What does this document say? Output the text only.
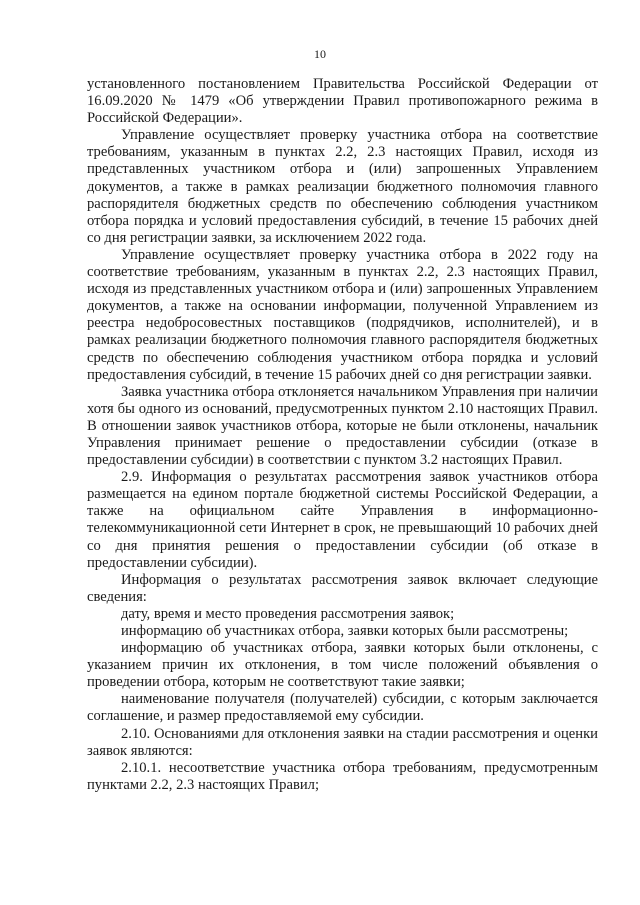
10

установленного постановлением Правительства Российской Федерации от 16.09.2020 № 1479 «Об утверждении Правил противопожарного режима в Российской Федерации».

Управление осуществляет проверку участника отбора на соответствие требованиям, указанным в пунктах 2.2, 2.3 настоящих Правил, исходя из представленных участником отбора и (или) запрошенных Управлением документов, а также в рамках реализации бюджетного полномочия главного распорядителя бюджетных средств по обеспечению соблюдения участником отбора порядка и условий предоставления субсидий, в течение 15 рабочих дней со дня регистрации заявки, за исключением 2022 года.

Управление осуществляет проверку участника отбора в 2022 году на соответствие требованиям, указанным в пунктах 2.2, 2.3 настоящих Правил, исходя из представленных участником отбора и (или) запрошенных Управлением документов, а также на основании информации, полученной Управлением из реестра недобросовестных поставщиков (подрядчиков, исполнителей), и в рамках реализации бюджетного полномочия главного распорядителя бюджетных средств по обеспечению соблюдения участником отбора порядка и условий предоставления субсидий, в течение 15 рабочих дней со дня регистрации заявки.

Заявка участника отбора отклоняется начальником Управления при наличии хотя бы одного из оснований, предусмотренных пунктом 2.10 настоящих Правил. В отношении заявок участников отбора, которые не были отклонены, начальник Управления принимает решение о предоставлении субсидии (отказе в предоставлении субсидии) в соответствии с пунктом 3.2 настоящих Правил.

2.9. Информация о результатах рассмотрения заявок участников отбора размещается на едином портале бюджетной системы Российской Федерации, а также на официальном сайте Управления в информационно-телекоммуникационной сети Интернет в срок, не превышающий 10 рабочих дней со дня принятия решения о предоставлении субсидии (об отказе в предоставлении субсидии).

Информация о результатах рассмотрения заявок включает следующие сведения:

дату, время и место проведения рассмотрения заявок;

информацию об участниках отбора, заявки которых были рассмотрены;

информацию об участниках отбора, заявки которых были отклонены, с указанием причин их отклонения, в том числе положений объявления о проведении отбора, которым не соответствуют такие заявки;

наименование получателя (получателей) субсидии, с которым заключается соглашение, и размер предоставляемой ему субсидии.

2.10. Основаниями для отклонения заявки на стадии рассмотрения и оценки заявок являются:

2.10.1. несоответствие участника отбора требованиям, предусмотренным пунктами 2.2, 2.3 настоящих Правил;
